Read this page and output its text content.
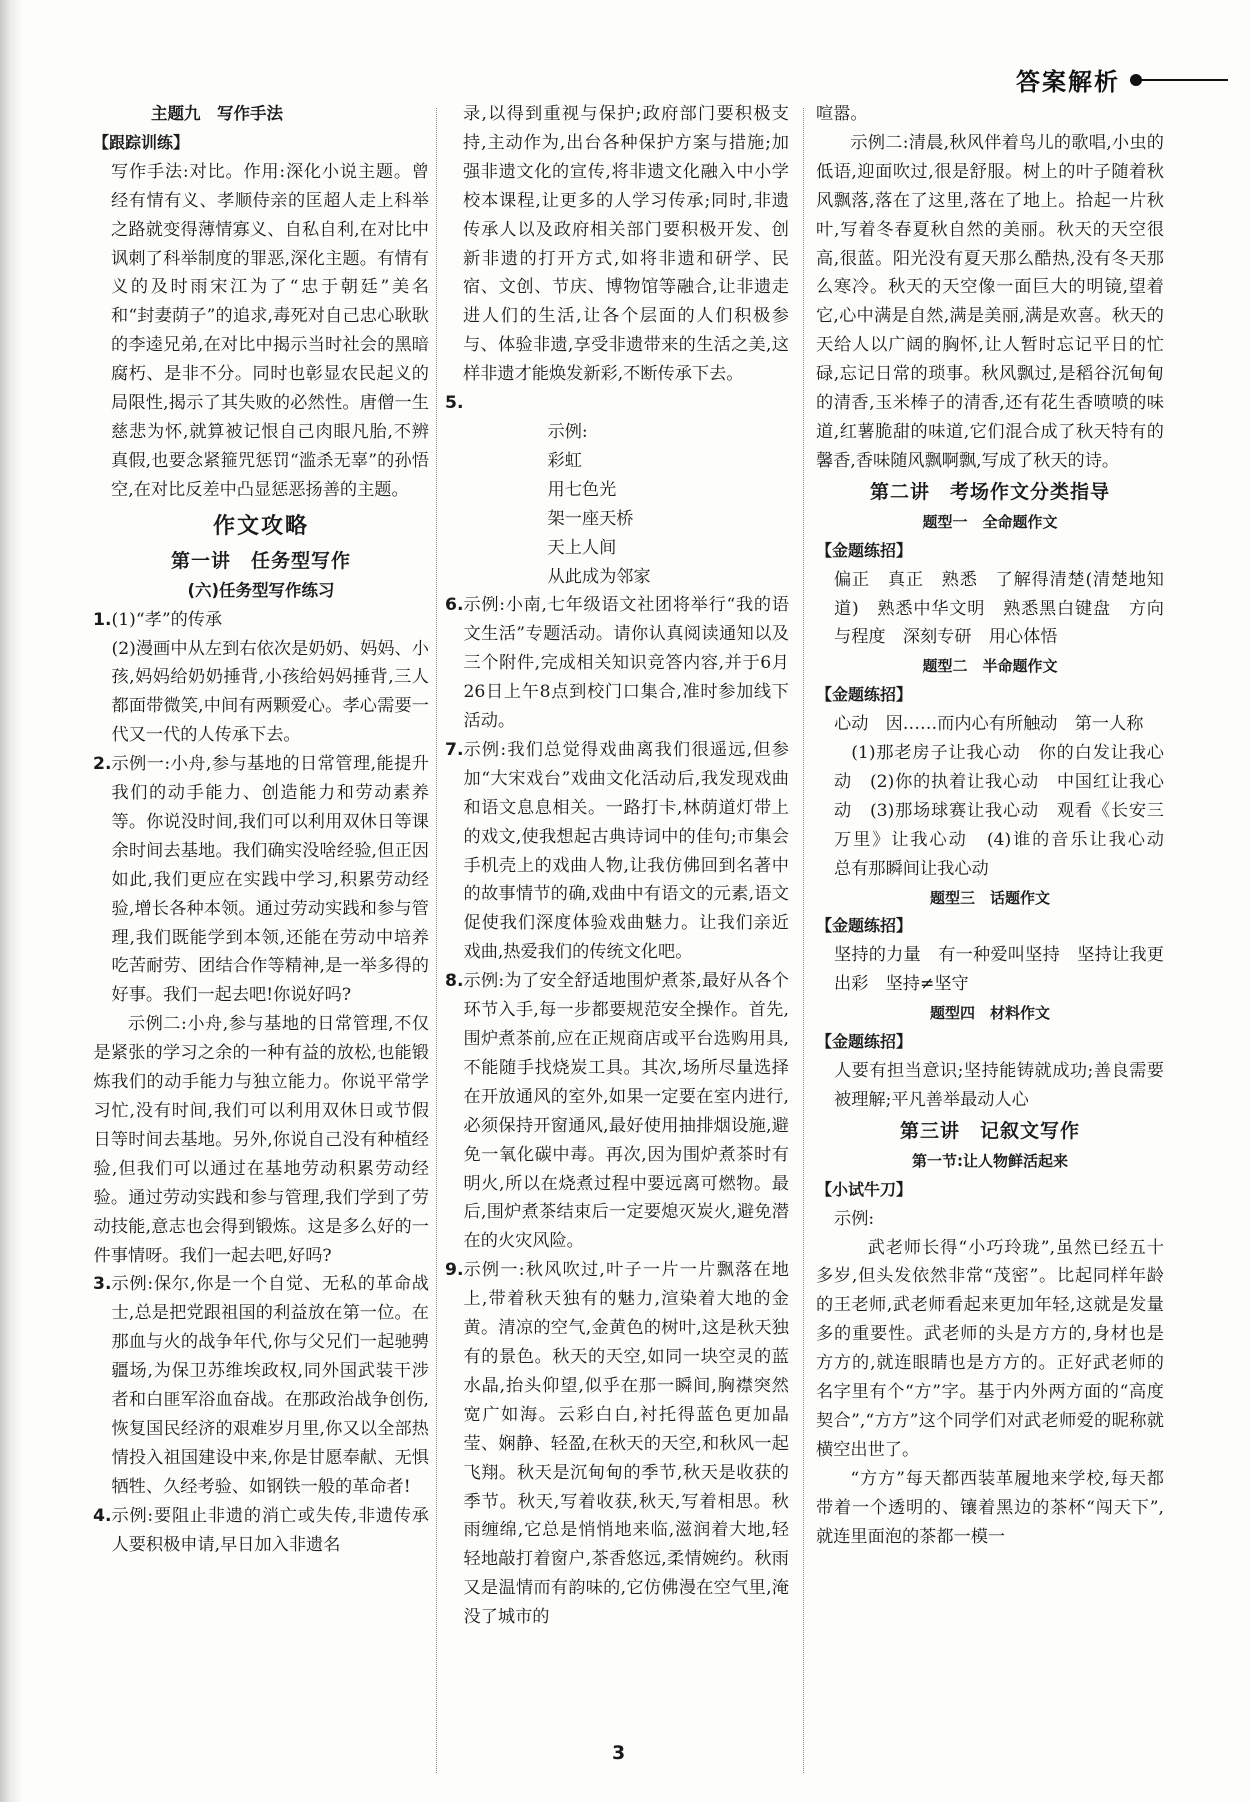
答案解析

主题九　写作手法

【跟踪训练】

写作手法:对比。作用:深化小说主题。曾经有情有义、孝顺侍亲的匡超人走上科举之路就变得薄情寡义、自私自利,在对比中讽刺了科举制度的罪恶,深化主题。有情有义的及时雨宋江为了“忠于朝廷”美名和“封妻荫子”的追求,毒死对自己忠心耿耿的李逵兄弟,在对比中揭示当时社会的黑暗腐朽、是非不分。同时也彰显农民起义的局限性,揭示了其失败的必然性。唐僧一生慈悲为怀,就算被记恨自己肉眼凡胎,不辨真假,也要念紧箍咒惩罚“滥杀无辜”的孙悟空,在对比反差中凸显惩恶扬善的主题。

作文攻略

第一讲　任务型写作

(六)任务型写作练习

1. (1)“孝”的传承

(2)漫画中从左到右依次是奶奶、妈妈、小孩,妈妈给奶奶捶背,小孩给妈妈捶背,三人都面带微笑,中间有两颗爱心。孝心需要一代又一代的人传承下去。

2. 示例一:小舟,参与基地的日常管理,能提升我们的动手能力、创造能力和劳动素养等。你说没时间,我们可以利用双休日等课余时间去基地。我们确实没啥经验,但正因如此,我们更应在实践中学习,积累劳动经验,增长各种本领。通过劳动实践和参与管理,我们既能学到本领,还能在劳动中培养吃苦耐劳、团结合作等精神,是一举多得的好事。我们一起去吧!你说好吗?

示例二:小舟,参与基地的日常管理,不仅是紧张的学习之余的一种有益的放松,也能锻炼我们的动手能力与独立能力。你说平常学习忙,没有时间,我们可以利用双休日或节假日等时间去基地。另外,你说自己没有种植经验,但我们可以通过在基地劳动积累劳动经验。通过劳动实践和参与管理,我们学到了劳动技能,意志也会得到锻炼。这是多么好的一件事情呀。我们一起去吧,好吗?

3. 示例:保尔,你是一个自觉、无私的革命战士,总是把党跟祖国的利益放在第一位。在那血与火的战争年代,你与父兄们一起驰骋疆场,为保卫苏维埃政权,同外国武装干涉者和白匪军浴血奋战。在那政治战争创伤,恢复国民经济的艰难岁月里,你又以全部热情投入祖国建设中来,你是甘愿奉献、无惧牺牲、久经考验、如钢铁一般的革命者!

4. 示例:要阻止非遗的消亡或失传,非遗传承人要积极申请,早日加入非遗名

录,以得到重视与保护;政府部门要积极支持,主动作为,出台各种保护方案与措施;加强非遗文化的宣传,将非遗文化融入中小学校本课程,让更多的人学习传承;同时,非遗传承人以及政府相关部门要积极开发、创新非遗的打开方式,如将非遗和研学、民宿、文创、节庆、博物馆等融合,让非遗走进人们的生活,让各个层面的人们积极参与、体验非遗,享受非遗带来的生活之美,这样非遗才能焕发新彩,不断传承下去。

5.

示例:

彩虹

用七色光

架一座天桥

天上人间

从此成为邻家

6. 示例:小南,七年级语文社团将举行“我的语文生活”专题活动。请你认真阅读通知以及三个附件,完成相关知识竞答内容,并于6月26日上午8点到校门口集合,准时参加线下活动。

7. 示例:我们总觉得戏曲离我们很遥远,但参加“大宋戏台”戏曲文化活动后,我发现戏曲和语文息息相关。一路打卡,林荫道灯带上的戏文,使我想起古典诗词中的佳句;市集会手机壳上的戏曲人物,让我仿佛回到名著中的故事情节的确,戏曲中有语文的元素,语文促使我们深度体验戏曲魅力。让我们亲近戏曲,热爱我们的传统文化吧。

8. 示例:为了安全舒适地围炉煮茶,最好从各个环节入手,每一步都要规范安全操作。首先,围炉煮茶前,应在正规商店或平台选购用具,不能随手找烧炭工具。其次,场所尽量选择在开放通风的室外,如果一定要在室内进行,必须保持开窗通风,最好使用抽排烟设施,避免一氧化碳中毒。再次,因为围炉煮茶时有明火,所以在烧煮过程中要远离可燃物。最后,围炉煮茶结束后一定要熄灭炭火,避免潜在的火灾风险。

9. 示例一:秋风吹过,叶子一片一片飘落在地上,带着秋天独有的魅力,渲染着大地的金黄。清凉的空气,金黄色的树叶,这是秋天独有的景色。秋天的天空,如同一块空灵的蓝水晶,抬头仰望,似乎在那一瞬间,胸襟突然宽广如海。云彩白白,衬托得蓝色更加晶莹、娴静、轻盈,在秋天的天空,和秋风一起飞翔。秋天是沉甸甸的季节,秋天是收获的季节。秋天,写着收获,秋天,写着相思。秋雨缠绵,它总是悄悄地来临,滋润着大地,轻轻地敲打着窗户,茶香悠远,柔情婉约。秋雨又是温情而有韵味的,它仿佛漫在空气里,淹没了城市的

喧嚣。

示例二:清晨,秋风伴着鸟儿的歌唱,小虫的低语,迎面吹过,很是舒服。树上的叶子随着秋风飘落,落在了这里,落在了地上。拾起一片秋叶,写着冬春夏秋自然的美丽。秋天的天空很高,很蓝。阳光没有夏天那么酷热,没有冬天那么寒冷。秋天的天空像一面巨大的明镜,望着它,心中满是自然,满是美丽,满是欢喜。秋天的天给人以广阔的胸怀,让人暂时忘记平日的忙碌,忘记日常的琐事。秋风飘过,是稻谷沉甸甸的清香,玉米棒子的清香,还有花生香喷喷的味道,红薯脆甜的味道,它们混合成了秋天特有的馨香,香味随风飘啊飘,写成了秋天的诗。

第二讲　考场作文分类指导

题型一　全命题作文

【金题练招】

偏正　真正　熟悉　了解得清楚(清楚地知道)　熟悉中华文明　熟悉黑白键盘　方向与程度　深刻专研　用心体悟

题型二　半命题作文

【金题练招】

心动　因……而内心有所触动　第一人称

(1)那老房子让我心动　你的白发让我心动　(2)你的执着让我心动　中国红让我心动　(3)那场球赛让我心动　观看《长安三万里》让我心动　(4)谁的音乐让我心动　总有那瞬间让我心动

题型三　话题作文

【金题练招】

坚持的力量　有一种爱叫坚持　坚持让我更出彩　坚持≠坚守

题型四　材料作文

【金题练招】

人要有担当意识;坚持能铸就成功;善良需要被理解;平凡善举最动人心

第三讲　记叙文写作

第一节:让人物鲜活起来

【小试牛刀】

示例:

武老师长得“小巧玲珑”,虽然已经五十多岁,但头发依然非常“茂密”。比起同样年龄的王老师,武老师看起来更加年轻,这就是发量多的重要性。武老师的头是方方的,身材也是方方的,就连眼睛也是方方的。正好武老师的名字里有个“方”字。基于内外两方面的“高度契合”,“方方”这个同学们对武老师爱的昵称就横空出世了。

“方方”每天都西装革履地来学校,每天都带着一个透明的、镶着黑边的茶杯“闯天下”,就连里面泡的茶都一模一

3
